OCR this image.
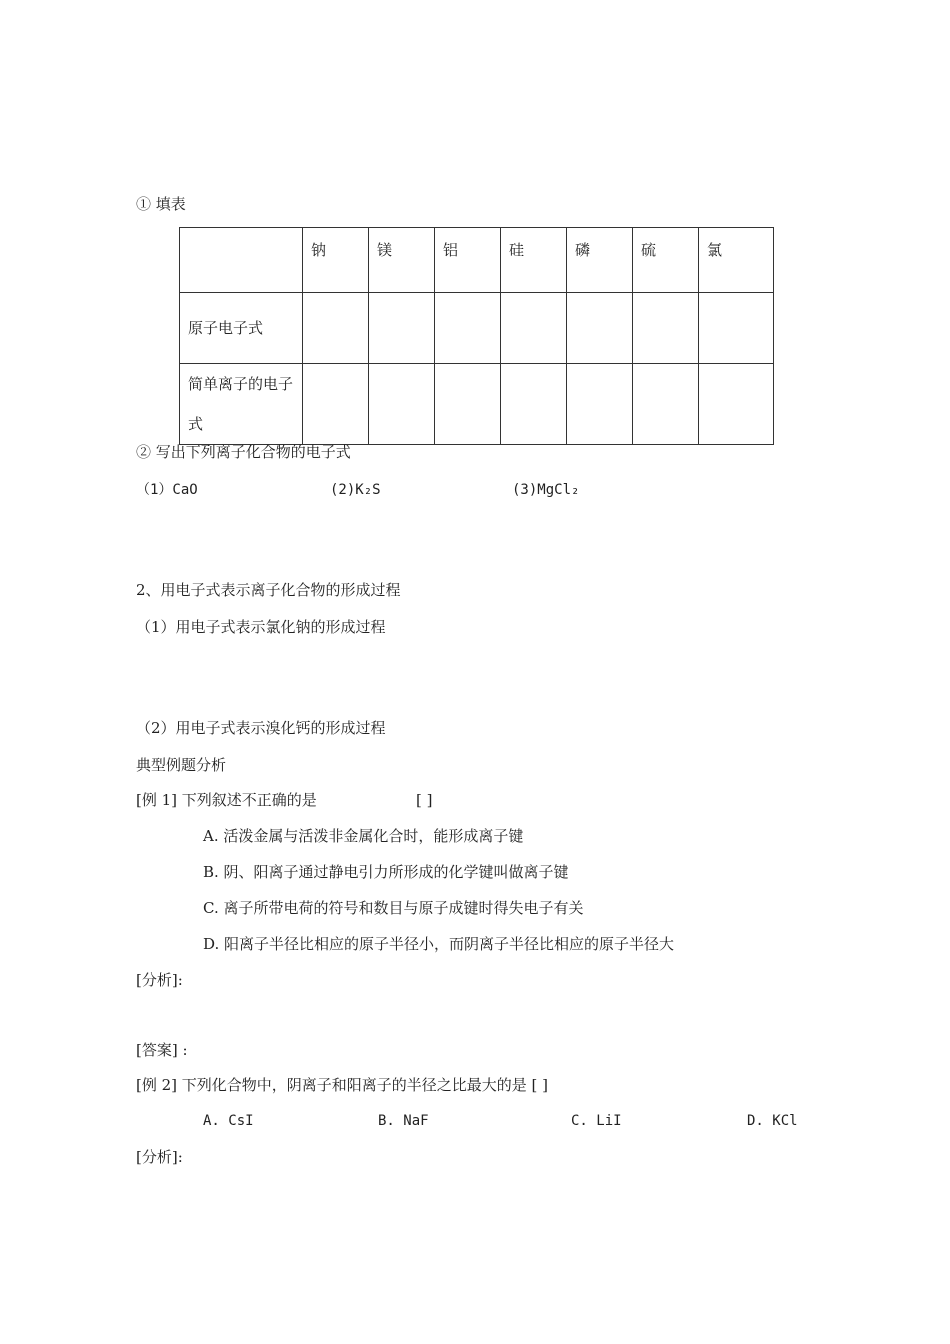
① 填表
	钠	镁	铝	硅	磷	硫	氯
原子电子式							
简单离子的电子式							
② 写出下列离子化合物的电子式
（1）CaO	(2)K₂S	(3)MgCl₂
2、用电子式表示离子化合物的形成过程
（1）用电子式表示氯化钠的形成过程
（2）用电子式表示溴化钙的形成过程
典型例题分析
[例 1] 下列叙述不正确的是	[ ]
A. 活泼金属与活泼非金属化合时，能形成离子键
B. 阴、阳离子通过静电引力所形成的化学键叫做离子键
C. 离子所带电荷的符号和数目与原子成键时得失电子有关
D. 阳离子半径比相应的原子半径小，而阴离子半径比相应的原子半径大
[分析]:
[答案] :
[例 2] 下列化合物中，阴离子和阳离子的半径之比最大的是 [ ]
A. CsI	B. NaF	C. LiI	D. KCl
[分析]:
